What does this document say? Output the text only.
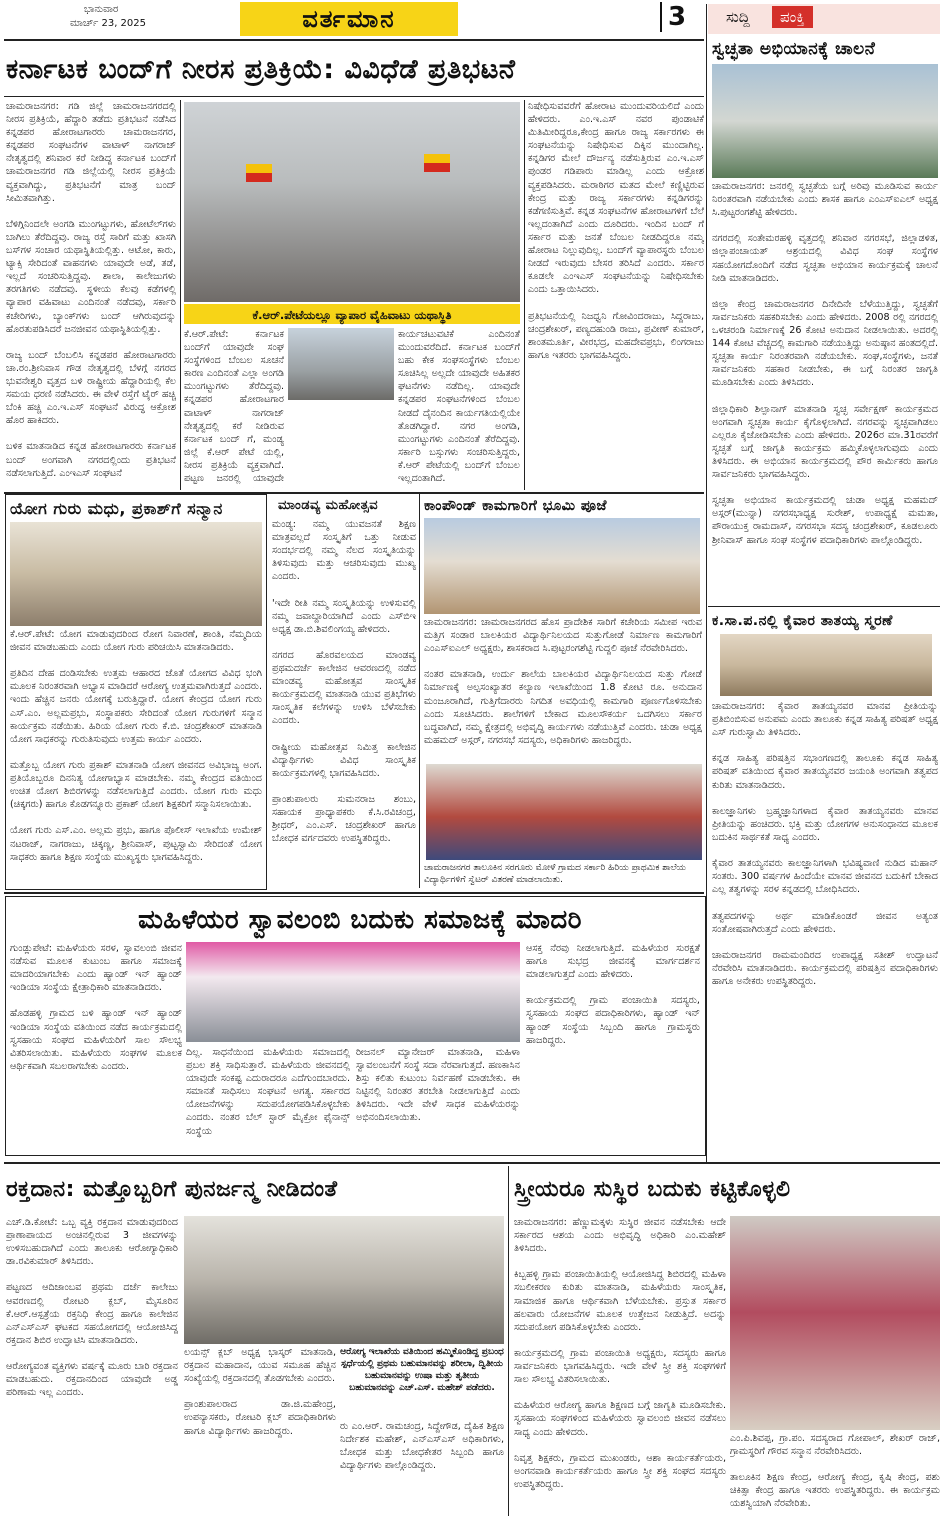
ಭಾನುವಾರ
ಮಾರ್ಚ್ 23, 2025	ವರ್ತಮಾನ	3	ಸುದ್ದಿ	ಪಂಕ್ತಿ
ಕರ್ನಾಟಕ ಬಂದ್‌ಗೆ ನೀರಸ ಪ್ರತಿಕ್ರಿಯೆ: ವಿವಿಧೆಡೆ ಪ್ರತಿಭಟನೆ
ಚಾಮರಾಜನಗರ: ಗಡಿ ಜಿಲ್ಲೆ ಚಾಮರಾಜನಗರದಲ್ಲಿ ನೀರಸ ಪ್ರತಿಕ್ರಿಯೆ, ಹೆದ್ದಾರಿ ತಡೆದು ಪ್ರತಿಭಟನೆ ನಡೆಸಿದ ಕನ್ನಡಪರ ಹೋರಾಟಗಾರರು ಚಾಮರಾಜನಗರ, ಕನ್ನಡಪರ ಸಂಘಟನೆಗಳ ವಾಟಾಳ್ ನಾಗರಾಜ್ ನೇತೃತ್ವದಲ್ಲಿ ಶನಿವಾರ ಕರೆ ನೀಡಿದ್ದ ಕರ್ನಾಟಕ ಬಂದ್‌ಗೆ ಚಾಮರಾಜನಗರ ಗಡಿ ಜಿಲ್ಲೆಯಲ್ಲಿ ನೀರಸ ಪ್ರತಿಕ್ರಿಯೆ ವ್ಯಕ್ತವಾಗಿದ್ದು, ಪ್ರತಿಭಟನೆಗೆ ಮಾತ್ರ ಬಂದ್ ಸೀಮಿತವಾಗಿತ್ತು.

ಬೆಳಿಗ್ಗಿನಿಂದಲೇ ಅಂಗಡಿ ಮುಂಗಟ್ಟುಗಳು, ಹೋಟೆಲ್‌ಗಳು ಬಾಗಿಲು ತೆರೆದಿದ್ದವು. ರಾಜ್ಯ ರಸ್ತೆ ಸಾರಿಗೆ ಮತ್ತು ಖಾಸಗಿ ಬಸ್‌ಗಳ ಸಂಚಾರ ಯಥಾಸ್ಥಿತಿಯಲ್ಲಿತ್ತು. ಆಟೋ, ಕಾರು, ಟ್ಯಾಕ್ಸಿ ಸೇರಿದಂತೆ ವಾಹನಗಳು ಯಾವುದೇ ಅಡೆ, ತಡೆ, ಇಲ್ಲದೆ ಸಂಚರಿಸುತ್ತಿದ್ದವು. ಶಾಲಾ, ಕಾಲೇಜುಗಳು ತರಗತಿಗಳು ನಡೆದವು. ಸ್ಥಳೀಯ ಕೆಲವು ಕಡೆಗಳಲ್ಲಿ ವ್ಯಾಪಾರ ವಹಿವಾಟು ಎಂದಿನಂತೆ ನಡೆದವು, ಸರ್ಕಾರಿ ಕಚೇರಿಗಳು, ಬ್ಯಾಂಕ್‌ಗಳು ಬಂದ್ ಆಗಿರುವುದನ್ನು ಹೊರತುಪಡಿಸಿದರೆ ಜನಜೀವನ ಯಥಾಸ್ಥಿತಿಯಲ್ಲಿತ್ತು.

ರಾಜ್ಯ ಬಂದ್ ಬೆಂಬಲಿಸಿ ಕನ್ನಡಪರ ಹೋರಾಟಗಾರರು ಚಾ.ರಂ.ಶ್ರೀನಿವಾಸ ಗೌಡ ನೇತೃತ್ವದಲ್ಲಿ ಬೆಳಗ್ಗೆ ನಗರದ ಭುವನೇಶ್ವರಿ ವೃತ್ತದ ಬಳಿ ರಾಷ್ಟ್ರೀಯ ಹೆದ್ದಾರಿಯಲ್ಲಿ ಕೆಲ ಸಮಯ ಧರಣಿ ನಡೆಸಿದರು. ಈ ವೇಳೆ ರಸ್ತೆಗೆ ಟೈರ್ ಹಚ್ಚಿ ಬೆಂಕಿ ಹಚ್ಚಿ ಎಂ.ಇ.ಎಸ್ ಸಂಘಟನೆ ವಿರುದ್ಧ ಆಕ್ರೋಶ ಹೊರ ಹಾಕಿದರು.

ಬಳಿಕ ಮಾತನಾಡಿದ ಕನ್ನಡ ಹೋರಾಟಗಾರರು ಕರ್ನಾಟಕ ಬಂದ್ ಅಂಗವಾಗಿ ನಗರದಲ್ಲಿಂದು ಪ್ರತಿಭಟನೆ ನಡೆಸಲಾಗುತ್ತಿದೆ. ಎಂಇಎಸ್ ಸಂಘಟನೆ
ಕೆ.ಆರ್.ಪೇಟೆಯಲ್ಲೂ ವ್ಯಾಪಾರ ವೈಹಿವಾಟು ಯಥಾಸ್ಥಿತಿ
ಕೆ.ಆರ್.ಪೇಟೆ: ಕರ್ನಾಟಕ ಬಂದ್‌ಗೆ ಯಾವುದೇ ಸಂಘ ಸಂಸ್ಥೆಗಳಿಂದ ಬೆಂಬಲ ಸೂಚನೆ ಕಾರಣ ಎಂದಿನಂತೆ ಎಲ್ಲಾ ಅಂಗಡಿ ಮುಂಗಟ್ಟುಗಳು ತೆರೆದಿದ್ದವು. ಕನ್ನಡಪರ ಹೋರಾಟಗಾರ ವಾಟಾಳ್ ನಾಗರಾಜ್ ನೇತೃತ್ವದಲ್ಲಿ ಕರೆ ನೀಡಿರುವ ಕರ್ನಾಟಕ ಬಂದ್ ಗೆ, ಮಂಡ್ಯ ಜಿಲ್ಲೆ ಕೆ.ಆರ್ ಪೇಟೆ ಯಲ್ಲಿ, ನೀರಸ ಪ್ರತಿಕ್ರಿಯೆ ವ್ಯಕ್ತವಾಗಿದೆ. ಪಟ್ಟಣ ಜನರಲ್ಲಿ ಯಾವುದೇ
ಕಾರ್ಯಚಟುವಟಿಕೆ ಎಂದಿನಂತೆ ಮುಂದುವರೆದಿದೆ. ಕರ್ನಾಟಕ ಬಂದ್‌ಗೆ ಬಹು ಕೇಕ ಸಂಘಸಂಸ್ಥೆಗಳು ಬೆಂಬಲ ಸೂಚಿಸಿಲ್ಲ ಅಲ್ಲದೇ ಯಾವುದೇ ಅಹಿತಕರ ಘಟನೆಗಳು ನಡೆದಿಲ್ಲ. ಯಾವುದೇ ಕನ್ನಡಪರ ಸಂಘಟನೆಗಳಿಂದ ಬೆಂಬಲ ನೀಡದೆ ದೈನಂದಿನ ಕಾರ್ಯಗತಿಯಲ್ಲಿಯೇ ತೊಡಗಿದ್ದಾರೆ. ನಗರ ಅಂಗಡಿ, ಮುಂಗಟ್ಟುಗಳು ಎಂದಿನಂತೆ ತೆರೆದಿದ್ದವು. ಸರ್ಕಾರಿ ಬಸ್ಸುಗಳು ಸಂಚರಿಸುತ್ತಿದ್ದರು, ಕೆ.ಆರ್ ಪೇಟೆಯಲ್ಲಿ ಬಂದ್‌ಗೆ ಬೆಂಬಲ ಇಲ್ಲದಂತಾಗಿದೆ.
ನಿಷೇಧಿಸುವವರೆಗೆ ಹೋರಾಟ ಮುಂದುವರಿಯಲಿದೆ ಎಂದು ಹೇಳಿದರು. ಎಂ.ಇ.ಎಸ್ ನವರ ಪುಂಡಾಟಿಕೆ ಮಿತಿಮೀರಿದ್ದರೂ,ಕೇಂದ್ರ ಹಾಗೂ ರಾಜ್ಯ ಸರ್ಕಾರಗಳು ಈ ಸಂಘಟನೆಯನ್ನು ನಿಷೇಧಿಸುವ ದಿಕ್ಕಿನ ಮುಂದಾಗಿಲ್ಲ. ಕನ್ನಡಿಗರ ಮೇಲೆ ದೌರ್ಜನ್ಯ ನಡೆಸುತ್ತಿರುವ ಎಂ.ಇ.ಎಸ್ ಪುಂಡರ ಗಡಿಪಾರು ಮಾಡಿಲ್ಲ ಎಂದು ಆಕ್ರೋಶ ವ್ಯಕ್ತಪಡಿಸಿದರು. ಮರಾಠಿಗರ ಮತದ ಮೇಲೆ ಕಣ್ಣಿಟ್ಟಿರುವ ಕೇಂದ್ರ ಮತ್ತು ರಾಜ್ಯ ಸರ್ಕಾರಗಳು ಕನ್ನಡಿಗರನ್ನು ಕಡೆಗಣಿಸುತ್ತಿವೆ. ಕನ್ನಡ ಸಂಘಟನೆಗಳ ಹೋರಾಟಗಳಿಗೆ ಬೆಲೆ ಇಲ್ಲದಂತಾಗಿದೆ ಎಂದು ದೂರಿದರು. ಇಂದಿನ ಬಂದ್ ಗೆ ಸರ್ಕಾರ ಮತ್ತು ಜನತೆ ಬೆಂಬಲ ನೀಡದಿದ್ದರೂ ನಮ್ಮ ಹೋರಾಟ ನಿಲ್ಲುವುದಿಲ್ಲ. ಬಂದ್‌ಗೆ ವ್ಯಾಪಾರಸ್ಥರು ಬೆಂಬಲ ನೀಡದೆ ಇರುವುದು ಬೇಸರ ತರಿಸಿದೆ ಎಂದರು. ಸರ್ಕಾರ ಕೂಡಲೇ ಎಂಇಎಸ್ ಸಂಘಟನೆಯನ್ನು ನಿಷೇಧಿಸಬೇಕು ಎಂದು ಒತ್ತಾಯಿಸಿದರು.

ಪ್ರತಿಭಟನೆಯಲ್ಲಿ ನಿಜಧ್ವನಿ ಗೋವಿಂದರಾಜು, ಸಿದ್ದರಾಜು, ಚಂದ್ರಶೇಖರ್, ಪಣ್ಯದಹುಂಡಿ ರಾಜು, ಪ್ರವೀಣ್ ಕುಮಾರ್, ಶಾಂತಮೂರ್ತಿ, ವೀರಭದ್ರ, ಮಹದೇವಪ್ರಭು, ಲಿಂಗರಾಜು ಹಾಗೂ ಇತರರು ಭಾಗವಹಿಸಿದ್ದರು.
ಸ್ವಚ್ಛತಾ ಅಭಿಯಾನಕ್ಕೆ ಚಾಲನೆ
ಚಾಮರಾಜನಗರ: ಜನರಲ್ಲಿ ಸ್ವಚ್ಛತೆಯ ಬಗ್ಗೆ ಅರಿವು ಮೂಡಿಸುವ ಕಾರ್ಯ ನಿರಂತರವಾಗಿ ನಡೆಯಬೇಕು ಎಂದು ಶಾಸಕ ಹಾಗೂ ಎಂಎಸ್‌ಐಎಲ್ ಅಧ್ಯಕ್ಷ ಸಿ.ಪುಟ್ಟರಂಗಶೆಟ್ಟಿ ಹೇಳಿದರು.

ನಗರದಲ್ಲಿ ಸಂತೇಮರಹಳ್ಳಿ ವೃತ್ತದಲ್ಲಿ ಶನಿವಾರ ನಗರಸಭೆ, ಜಿಲ್ಲಾಡಳಿತ, ಜಿಲ್ಲಾಪಂಚಾಯತ್ ಆಶ್ರಯದಲ್ಲಿ ವಿವಿಧ ಸಂಘ ಸಂಸ್ಥೆಗಳ ಸಹಯೋಗದೊಂದಿಗೆ ನಡೆದ ಸ್ವಚ್ಛತಾ ಅಭಿಯಾನ ಕಾರ್ಯಕ್ರಮಕ್ಕೆ ಚಾಲನೆ ನೀಡಿ ಮಾತನಾಡಿದರು.

ಜಿಲ್ಲಾ ಕೇಂದ್ರ ಚಾಮರಾಜನಗರ ದಿನೇದಿನೇ ಬೆಳೆಯುತ್ತಿದ್ದು, ಸ್ವಚ್ಛತೆಗೆ ಸಾರ್ವಜನಿಕರು ಸಹಕರಿಸಬೇಕು ಎಂದು ಹೇಳಿದರು. 2008 ರಲ್ಲಿ ನಗರದಲ್ಲಿ ಒಳಚರಂಡಿ ನಿರ್ಮಾಣಕ್ಕೆ 26 ಕೋಟಿ ಅನುದಾನ ನೀಡಲಾಯಿತು. ಅದರಲ್ಲಿ 144 ಕೋಟಿ ವೆಚ್ಚದಲ್ಲಿ ಕಾಮಗಾರಿ ನಡೆಯುತ್ತಿದ್ದು ಅನುಷ್ಠಾನ ಹಂತದಲ್ಲಿದೆ. ಸ್ವಚ್ಛತಾ ಕಾರ್ಯ ನಿರಂತರವಾಗಿ ನಡೆಯಬೇಕು. ಸಂಘ,ಸಂಸ್ಥೆಗಳು, ಜನತೆ ಸಾರ್ವಜನಿಕರು ಸಹಕಾರ ನೀಡಬೇಕು, ಈ ಬಗ್ಗೆ ನಿರಂತರ ಜಾಗೃತಿ ಮೂಡಿಸಬೇಕು ಎಂದು ತಿಳಿಸಿದರು.

ಜಿಲ್ಲಾಧಿಕಾರಿ ಶಿಲ್ಪಾನಾಗ್ ಮಾತನಾಡಿ ಸ್ವಚ್ಛ ಸರ್ವೇಕ್ಷಣ್ ಕಾರ್ಯಕ್ರಮದ ಅಂಗವಾಗಿ ಸ್ವಚ್ಛತಾ ಕಾರ್ಯ ಕೈಗೊಳ್ಳಲಾಗಿದೆ. ನಗರವನ್ನು ಸ್ವಚ್ಛವಾಗಿಡಲು ಎಲ್ಲರೂ ಕೈಜೋಡಿಸಬೇಕು ಎಂದು ಹೇಳಿದರು. 2026ರ ಮಾ.31ರವರೆಗೆ ಸ್ವಚ್ಛತೆ ಬಗ್ಗೆ ಜಾಗೃತಿ ಕಾರ್ಯಕ್ರಮ ಹಮ್ಮಿಕೊಳ್ಳಲಾಗುವುದು ಎಂದು ತಿಳಿಸಿದರು. ಈ ಅಭಿಯಾನ ಕಾರ್ಯಕ್ರಮದಲ್ಲಿ ಪೌರ ಕಾರ್ಮಿಕರು ಹಾಗೂ ಸಾರ್ವಜನಿಕರು ಭಾಗವಹಿಸಿದ್ದರು.

ಸ್ವಚ್ಛತಾ ಅಭಿಯಾನ ಕಾರ್ಯಕ್ರಮದಲ್ಲಿ ಚುಡಾ ಅಧ್ಯಕ್ಷ ಮಹಮದ್ ಅಸ್ಗರ್(ಮುನ್ನಾ) ನಗರಸಭಾಧ್ಯಕ್ಷ ಸುರೇಶ್, ಉಪಾಧ್ಯಕ್ಷೆ ಮಮತಾ, ಪೌರಾಯುಕ್ತ ರಾಮದಾಸ್, ನಗರಸಭಾ ಸದಸ್ಯ ಚಂದ್ರಶೇಖರ್, ಕೂಡಲೂರು ಶ್ರೀನಿವಾಸ್ ಹಾಗೂ ಸಂಘ ಸಂಸ್ಥೆಗಳ ಪದಾಧಿಕಾರಿಗಳು ಪಾಲ್ಗೊಂಡಿದ್ದರು.
ಕ.ಸಾ.ಪ.ನಲ್ಲಿ ಕೈವಾರ ತಾತಯ್ಯ ಸ್ಮರಣೆ
ಚಾಮರಾಜನಗರ: ಕೈವಾರ ತಾತಯ್ಯನವರ ಮಾನವ ಪ್ರೀತಿಯನ್ನು ಪ್ರತಿಬಿಂಬಿಸುವ ಅನುಪಮ ಎಂದು ತಾಲೂಕು ಕನ್ನಡ ಸಾಹಿತ್ಯ ಪರಿಷತ್ ಅಧ್ಯಕ್ಷ ಎಸ್ ಗುರುಸ್ವಾಮಿ ತಿಳಿಸಿದರು.

ಕನ್ನಡ ಸಾಹಿತ್ಯ ಪರಿಷತ್ತಿನ ಸಭಾಂಗಣದಲ್ಲಿ ತಾಲೂಕು ಕನ್ನಡ ಸಾಹಿತ್ಯ ಪರಿಷತ್ ವತಿಯಿಂದ ಕೈವಾರ ತಾತಯ್ಯನವರ ಜಯಂತಿ ಅಂಗವಾಗಿ ತತ್ವಪದ ಕುರಿತು ಮಾತನಾಡಿದರು.

ಕಾಲಜ್ಞಾನಿಗಳು ಬ್ರಹ್ಮಜ್ಞಾನಿಗಳಾದ ಕೈವಾರ ತಾತಯ್ಯನವರು ಮಾನವ ಪ್ರೀತಿಯನ್ನು ಹಂಚಿದರು. ಭಕ್ತಿ ಮತ್ತು ಯೋಗಗಳ ಅನುಸಂಧಾನದ ಮೂಲಕ ಬದುಕಿನ ಸಾರ್ಥಕತೆ ಸಾಧ್ಯ ಎಂದರು.

ಕೈವಾರ ತಾತಯ್ಯನವರು ಕಾಲಜ್ಞಾನಿಗಳಾಗಿ ಭವಿಷ್ಯವಾಣಿ ನುಡಿದ ಮಹಾನ್ ಸಂತರು. 300 ವರ್ಷಗಳ ಹಿಂದೆಯೇ ಮಾನವ ಜೀವನದ ಬದುಕಿಗೆ ಬೇಕಾದ ಎಲ್ಲ ತತ್ವಗಳನ್ನು ಸರಳ ಕನ್ನಡದಲ್ಲಿ ಬೋಧಿಸಿದರು.

ತತ್ವಪದಗಳನ್ನು ಅರ್ಥ ಮಾಡಿಕೊಂಡರೆ ಜೀವನ ಅತ್ಯಂತ ಸಂತೋಷವಾಗಿರುತ್ತದೆ ಎಂದು ಹೇಳಿದರು.

ಚಾಮರಾಜನಗರ ರಾಮಮಂದಿರದ ಉಪಾಧ್ಯಕ್ಷ ಸತೀಶ್ ಉದ್ಘಾಟನೆ ನೆರವೇರಿಸಿ ಮಾತನಾಡಿದರು. ಕಾರ್ಯಕ್ರಮದಲ್ಲಿ ಪರಿಷತ್ತಿನ ಪದಾಧಿಕಾರಿಗಳು ಹಾಗೂ ಅನೇಕರು ಉಪಸ್ಥಿತರಿದ್ದರು.
ಯೋಗ ಗುರು ಮಧು, ಪ್ರಕಾಶ್‌ಗೆ ಸನ್ಮಾನ
ಕೆ.ಆರ್.ಪೇಟೆ: ಯೋಗ ಮಾಡುವುದರಿಂದ ರೋಗ ನಿವಾರಣೆ, ಶಾಂತಿ, ನೆಮ್ಮದಿಯ ಜೀವನ ಮಾಡಬಹುದು ಎಂದು ಯೋಗ ಗುರು ಪರಿಚಯಿಸಿ ಮಾತನಾಡಿದರು.

ಪ್ರತಿದಿನ ದೇಹ ದಂಡಿಸಬೇಕು ಉತ್ತಮ ಆಹಾರದ ಜೊತೆ ಯೋಗದ ವಿವಿಧ ಭಂಗಿ ಮೂಲಕ ನಿರಂತರವಾಗಿ ಅಭ್ಯಾಸ ಮಾಡಿದರೆ ಆರೋಗ್ಯ ಉತ್ತಮವಾಗಿರುತ್ತದೆ ಎಂದರು. ಇಂದು ಹೆಚ್ಚಿನ ಜನರು ಯೋಗಕ್ಕೆ ಬರುತ್ತಿದ್ದಾರೆ. ಯೋಗ ಕೇಂದ್ರದ ಯೋಗ ಗುರು ಎಸ್.ಎಂ. ಅಲ್ಲಮಪ್ರಭು, ಸಂಸ್ಥಾಪಕರು ಸೇರಿದಂತೆ ಯೋಗ ಗುರುಗಳಿಗೆ ಸನ್ಮಾನ ಕಾರ್ಯಕ್ರಮ ನಡೆಯಿತು. ಹಿರಿಯ ಯೋಗ ಗುರು ಕೆ.ಬಿ. ಚಂದ್ರಶೇಖರ್ ಮಾತನಾಡಿ ಯೋಗ ಸಾಧಕರನ್ನು ಗುರುತಿಸುವುದು ಉತ್ತಮ ಕಾರ್ಯ ಎಂದರು.

ಮತ್ತೊಬ್ಬ ಯೋಗ ಗುರು ಪ್ರಕಾಶ್ ಮಾತನಾಡಿ ಯೋಗ ಜೀವನದ ಅವಿಭಾಜ್ಯ ಅಂಗ. ಪ್ರತಿಯೊಬ್ಬರೂ ದಿನನಿತ್ಯ ಯೋಗಾಭ್ಯಾಸ ಮಾಡಬೇಕು. ನಮ್ಮ ಕೇಂದ್ರದ ವತಿಯಿಂದ ಉಚಿತ ಯೋಗ ಶಿಬಿರಗಳನ್ನು ನಡೆಸಲಾಗುತ್ತಿದೆ ಎಂದರು. ಯೋಗ ಗುರು ಮಧು (ಚಿಕ್ಕಗರು) ಹಾಗೂ ಕೊಡಗನ್ನೂರು ಪ್ರಕಾಶ್ ಯೋಗ ಶಿಕ್ಷಕರಿಗೆ ಸನ್ಮಾನಿಸಲಾಯಿತು.

ಯೋಗ ಗುರು ಎಸ್.ಎಂ. ಅಲ್ಲಮ ಪ್ರಭು, ಹಾಗೂ ಪೊಲೀಸ್ ಇಲಾಖೆಯ ಉಮೇಶ್ ನಟರಾಜ್, ನಾಗರಾಜು, ಚಿಕ್ಕಣ್ಣ, ಶ್ರೀನಿವಾಸ್, ಪುಟ್ಟಸ್ವಾಮಿ ಸೇರಿದಂತೆ ಯೋಗ ಸಾಧಕರು ಹಾಗೂ ಶಿಕ್ಷಣ ಸಂಸ್ಥೆಯ ಮುಖ್ಯಸ್ಥರು ಭಾಗವಹಿಸಿದ್ದರು.
ಮಾಂಡವ್ಯ ಮಹೋತ್ಸವ
ಮಂಡ್ಯ: ನಮ್ಮ ಯುವಜನತೆ ಶಿಕ್ಷಣ ಮಾತ್ರವಲ್ಲದೆ ಸಂಸ್ಕೃತಿಗೆ ಒತ್ತು ನೀಡುವ ಸಂದರ್ಭದಲ್ಲಿ ನಮ್ಮ ನೆಲದ ಸಂಸ್ಕೃತಿಯನ್ನು ತಿಳಿಸುವುದು ಮತ್ತು ಆಚರಿಸುವುದು ಮುಖ್ಯ ಎಂದರು.

'ಇದೇ ರೀತಿ ನಮ್ಮ ಸಂಸ್ಕೃತಿಯನ್ನು ಉಳಿಸುವಲ್ಲಿ ನಮ್ಮ ಜವಾಬ್ದಾರಿಯಾಗಿದೆ ಎಂದು ಎಸ್‌ಬಿಇ ಅಧ್ಯಕ್ಷ ಡಾ.ಬಿ.ಶಿವಲಿಂಗಯ್ಯ ಹೇಳಿದರು.

ನಗರದ ಹೊರವಲಯದ ಮಾಂಡವ್ಯ ಪ್ರಥಮದರ್ಜೆ ಕಾಲೇಜಿನ ಆವರಣದಲ್ಲಿ ನಡೆದ ಮಾಂಡವ್ಯ ಮಹೋತ್ಸವ ಸಾಂಸ್ಕೃತಿಕ ಕಾರ್ಯಕ್ರಮದಲ್ಲಿ ಮಾತನಾಡಿ ಯುವ ಪ್ರತಿಭೆಗಳು ಸಾಂಸ್ಕೃತಿಕ ಕಲೆಗಳನ್ನು ಉಳಿಸಿ ಬೆಳೆಸಬೇಕು ಎಂದರು.

ರಾಷ್ಟ್ರೀಯ ಮಹೋತ್ಸವ ನಿಮಿತ್ತ ಕಾಲೇಜಿನ ವಿದ್ಯಾರ್ಥಿಗಳು ವಿವಿಧ ಸಾಂಸ್ಕೃತಿಕ ಕಾರ್ಯಕ್ರಮಗಳಲ್ಲಿ ಭಾಗವಹಿಸಿದರು.

ಪ್ರಾಂಶುಪಾಲರು ಸುಮನರಾಜ ಶಂಬು, ಸಹಾಯಕ ಪ್ರಾಧ್ಯಾಪಕರು ಕೆ.ಸಿ.ರವಿಚಂದ್ರ, ಶ್ರೀಧರ್, ಎಂ.ಎಸ್. ಚಂದ್ರಶೇಖರ್ ಹಾಗೂ ಬೋಧಕ ವರ್ಗದವರು ಉಪಸ್ಥಿತರಿದ್ದರು.
ಕಾಂಪೌಂಡ್ ಕಾಮಗಾರಿಗೆ ಭೂಮಿ ಪೂಜೆ
ಚಾಮರಾಜನಗರ: ಚಾಮರಾಜನಗರದ ಹೊಸ ಪ್ರಾದೇಶಿಕ ಸಾರಿಗೆ ಕಚೇರಿಯ ಸಮೀಪ ಇರುವ ಮತ್ತಿಗ ಸಂಡಾರ ಬಾಲಕಿಯರ ವಿದ್ಯಾರ್ಥಿನಿಲಯದ ಸುತ್ತುಗೋಡೆ ನಿರ್ಮಾಣ ಕಾಮಗಾರಿಗೆ ಎಂಎಸ್‌ಐಎಲ್ ಅಧ್ಯಕ್ಷರು, ಶಾಸಕರಾದ ಸಿ.ಪುಟ್ಟರಂಗಶೆಟ್ಟಿ ಗುದ್ದಲಿ ಪೂಜೆ ನೆರವೇರಿಸಿದರು.

ನಂತರ ಮಾತನಾಡಿ, ಉರ್ದು ಶಾಲೆಯ ಬಾಲಕಿಯರ ವಿದ್ಯಾರ್ಥಿನಿಲಯದ ಸುತ್ತು ಗೋಡೆ ನಿರ್ಮಾಣಕ್ಕೆ ಅಲ್ಪಸಂಖ್ಯಾತರ ಕಲ್ಯಾಣ ಇಲಾಖೆಯಿಂದ 1.8 ಕೋಟಿ ರೂ. ಅನುದಾನ ಮಂಜೂರಾಗಿದೆ, ಗುತ್ತಿಗೆದಾರರು ನಿಗದಿತ ಅವಧಿಯಲ್ಲಿ ಕಾಮಗಾರಿ ಪೂರ್ಣಗೊಳಿಸಬೇಕು ಎಂದು ಸೂಚಿಸಿದರು. ಶಾಲೆಗಳಿಗೆ ಬೇಕಾದ ಮೂಲಸೌಕರ್ಯ ಒದಗಿಸಲು ಸರ್ಕಾರ ಬದ್ಧವಾಗಿದೆ, ನಮ್ಮ ಕ್ಷೇತ್ರದಲ್ಲಿ ಅಭಿವೃದ್ಧಿ ಕಾರ್ಯಗಳು ನಡೆಯುತ್ತಿವೆ ಎಂದರು. ಚುಡಾ ಅಧ್ಯಕ್ಷ ಮಹಮದ್ ಅಸ್ಗರ್, ನಗರಸಭೆ ಸದಸ್ಯರು, ಅಧಿಕಾರಿಗಳು ಹಾಜರಿದ್ದರು.
ಚಾಮರಾಜನಗರ ತಾಲೂಕಿನ ಸರಗೂರು ಮೋಳೆ ಗ್ರಾಮದ ಸರ್ಕಾರಿ ಹಿರಿಯ ಪ್ರಾಥಮಿಕ ಶಾಲೆಯ ವಿದ್ಯಾರ್ಥಿಗಳಿಗೆ ಸ್ವೆಟರ್ ವಿತರಣೆ ಮಾಡಲಾಯಿತು.
ಮಹಿಳೆಯರ ಸ್ವಾವಲಂಬಿ ಬದುಕು ಸಮಾಜಕ್ಕೆ ಮಾದರಿ
ಗುಂಡ್ಲುಪೇಟೆ: ಮಹಿಳೆಯರು ಸರಳ, ಸ್ವಾವಲಂಬಿ ಜೀವನ ನಡೆಸುವ ಮೂಲಕ ಕುಟುಂಬ ಹಾಗೂ ಸಮಾಜಕ್ಕೆ ಮಾದರಿಯಾಗಬೇಕು ಎಂದು ಹ್ಯಾಂಡ್ ಇನ್ ಹ್ಯಾಂಡ್ ಇಂಡಿಯಾ ಸಂಸ್ಥೆಯ ಕ್ಷೇತ್ರಾಧಿಕಾರಿ ಮಾತನಾಡಿದರು.

ಹೊಡಹಳ್ಳಿ ಗ್ರಾಮದ ಬಳಿ ಹ್ಯಾಂಡ್ ಇನ್ ಹ್ಯಾಂಡ್ ಇಂಡಿಯಾ ಸಂಸ್ಥೆಯ ವತಿಯಿಂದ ನಡೆದ ಕಾರ್ಯಕ್ರಮದಲ್ಲಿ ಸ್ವಸಹಾಯ ಸಂಘದ ಮಹಿಳೆಯರಿಗೆ ಸಾಲ ಸೌಲಭ್ಯ ವಿತರಿಸಲಾಯಿತು. ಮಹಿಳೆಯರು ಸಂಘಗಳ ಮೂಲಕ ಆರ್ಥಿಕವಾಗಿ ಸಬಲರಾಗಬೇಕು ಎಂದರು.
ದಿಲ್ಲ. ಸಾಧನೆಯಿಂದ ಮಹಿಳೆಯರು ಸಮಾಜದಲ್ಲಿ ಪ್ರಬಲ ಶಕ್ತಿ ಸಾಧಿಸುತ್ತಾರೆ. ಮಹಿಳೆಯರು ಜೀವನದಲ್ಲಿ ಯಾವುದೇ ಸಂಕಷ್ಟ ಎದುರಾದರೂ ಎದೆಗುಂದಬಾರದು. ಸಮಾನತೆ ಸಾಧಿಸಲು ಸಂಘಟನೆ ಅಗತ್ಯ. ಸರ್ಕಾರದ ಯೋಜನೆಗಳನ್ನು ಸದುಪಯೋಗಪಡಿಸಿಕೊಳ್ಳಬೇಕು ಎಂದರು. ನಂತರ ಬೆಲ್ ಸ್ಟಾರ್ ಮೈಕ್ರೋ ಫೈನಾನ್ಸ್ ಸಂಸ್ಥೆಯ
ರೀಜನಲ್ ಮ್ಯಾನೇಜರ್ ಮಾತನಾಡಿ, ಮಹಿಳಾ ಸ್ವಾವಲಂಬನೆಗೆ ಸಂಸ್ಥೆ ಸದಾ ನೆರವಾಗುತ್ತದೆ. ಹಣಕಾಸಿನ ಶಿಸ್ತು ಕಲಿತು ಕುಟುಂಬ ನಿರ್ವಹಣೆ ಮಾಡಬೇಕು. ಈ ನಿಟ್ಟಿನಲ್ಲಿ ನಿರಂತರ ತರಬೇತಿ ನೀಡಲಾಗುತ್ತಿದೆ ಎಂದು ತಿಳಿಸಿದರು. ಇದೇ ವೇಳೆ ಸಾಧಕ ಮಹಿಳೆಯರನ್ನು ಅಭಿನಂದಿಸಲಾಯಿತು.
ಆಸಕ್ತ ನೆರವು ನೀಡಲಾಗುತ್ತಿದೆ. ಮಹಿಳೆಯರ ಸುರಕ್ಷತೆ ಹಾಗೂ ಸುಭದ್ರ ಜೀವನಕ್ಕೆ ಮಾರ್ಗದರ್ಶನ ಮಾಡಲಾಗುತ್ತದೆ ಎಂದು ಹೇಳಿದರು.

ಕಾರ್ಯಕ್ರಮದಲ್ಲಿ ಗ್ರಾಮ ಪಂಚಾಯಿತಿ ಸದಸ್ಯರು, ಸ್ವಸಹಾಯ ಸಂಘದ ಪದಾಧಿಕಾರಿಗಳು, ಹ್ಯಾಂಡ್ ಇನ್ ಹ್ಯಾಂಡ್ ಸಂಸ್ಥೆಯ ಸಿಬ್ಬಂದಿ ಹಾಗೂ ಗ್ರಾಮಸ್ಥರು ಹಾಜರಿದ್ದರು.
ರಕ್ತದಾನ: ಮತ್ತೊಬ್ಬರಿಗೆ ಪುನರ್ಜನ್ಮ ನೀಡಿದಂತೆ
ಎಚ್.ಡಿ.ಕೋಟೆ: ಒಬ್ಬ ವ್ಯಕ್ತಿ ರಕ್ತದಾನ ಮಾಡುವುದರಿಂದ ಪ್ರಾಣಾಪಾಯದ ಅಂಚಿನಲ್ಲಿರುವ 3 ಜೀವಗಳನ್ನು ಉಳಿಸಬಹುದಾಗಿದೆ ಎಂದು ತಾಲೂಕು ಆರೋಗ್ಯಾಧಿಕಾರಿ ಡಾ.ರವಿಕುಮಾರ್ ತಿಳಿಸಿದರು.

ಪಟ್ಟಣದ ಆದಿಜಾಂಬವ ಪ್ರಥಮ ದರ್ಜೆ ಕಾಲೇಜು ಆವರಣದಲ್ಲಿ ರೋಟರಿ ಕ್ಲಬ್, ಮೈಸೂರಿನ ಕೆ.ಆರ್.ಆಸ್ಪತ್ರೆಯ ರಕ್ತನಿಧಿ ಕೇಂದ್ರ ಹಾಗೂ ಕಾಲೇಜಿನ ಎನ್‌ಎಸ್‌ಎಸ್ ಘಟಕದ ಸಹಯೋಗದಲ್ಲಿ ಆಯೋಜಿಸಿದ್ದ ರಕ್ತದಾನ ಶಿಬಿರ ಉದ್ಘಾಟಿಸಿ ಮಾತನಾಡಿದರು.

ಆರೋಗ್ಯವಂತ ವ್ಯಕ್ತಿಗಳು ವರ್ಷಕ್ಕೆ ಮೂರು ಬಾರಿ ರಕ್ತದಾನ ಮಾಡಬಹುದು. ರಕ್ತದಾನದಿಂದ ಯಾವುದೇ ಅಡ್ಡ ಪರಿಣಾಮ ಇಲ್ಲ ಎಂದರು.
ಲಯನ್ಸ್ ಕ್ಲಬ್ ಅಧ್ಯಕ್ಷ ಭಾಸ್ಕರ್ ಮಾತನಾಡಿ, ರಕ್ತದಾನ ಮಹಾದಾನ, ಯುವ ಸಮೂಹ ಹೆಚ್ಚಿನ ಸಂಖ್ಯೆಯಲ್ಲಿ ರಕ್ತದಾನದಲ್ಲಿ ತೊಡಗಬೇಕು ಎಂದರು.

ಪ್ರಾಂಶುಪಾಲರಾದ ಡಾ.ಜಿ.ಮಹೇಂದ್ರ, ಉಪನ್ಯಾಸಕರು, ರೋಟರಿ ಕ್ಲಬ್ ಪದಾಧಿಕಾರಿಗಳು ಹಾಗೂ ವಿದ್ಯಾರ್ಥಿಗಳು ಹಾಜರಿದ್ದರು.
ಆರೋಗ್ಯ ಇಲಾಖೆಯ ವತಿಯಿಂದ ಹಮ್ಮಿಕೊಂಡಿದ್ದ ಪ್ರಬಂಧ ಸ್ಪರ್ಧೆಯಲ್ಲಿ ಪ್ರಥಮ ಬಹುಮಾನವನ್ನು ಶರೀಲಾ, ದ್ವಿತೀಯ ಬಹುಮಾನವನ್ನು ಉಷಾ ಮತ್ತು ತೃತೀಯ ಬಹುಮಾನವನ್ನು ಎಚ್.ಎಸ್. ಮಹೇಶ್ ಪಡೆದರು.
ರು ಎಂ.ಆರ್. ರಾಮಚಂದ್ರ, ಸಿದ್ದೇಗೌಡ, ದೈಹಿಕ ಶಿಕ್ಷಣ ನಿರ್ದೇಶಕ ಮಹೇಶ್, ಎನ್‌ಎಸ್‌ಎಸ್ ಅಧಿಕಾರಿಗಳು, ಬೋಧಕ ಮತ್ತು ಬೋಧಕೇತರ ಸಿಬ್ಬಂದಿ ಹಾಗೂ ವಿದ್ಯಾರ್ಥಿಗಳು ಪಾಲ್ಗೊಂಡಿದ್ದರು.
ಸ್ತ್ರೀಯರೂ ಸುಸ್ಥಿರ ಬದುಕು ಕಟ್ಟಿಕೊಳ್ಳಲಿ
ಚಾಮರಾಜನಗರ: ಹೆಣ್ಣುಮಕ್ಕಳು ಸುಸ್ಥಿರ ಜೀವನ ನಡೆಸಬೇಕು ಆದೇ ಸರ್ಕಾರದ ಆಶಯ ಎಂದು ಅಭಿವೃದ್ಧಿ ಅಧಿಕಾರಿ ಎಂ.ಮಹೇಶ್ ತಿಳಿಸಿದರು.

ಕಿಬ್ಬಹಳ್ಳಿ ಗ್ರಾಮ ಪಂಚಾಯಿತಿಯಲ್ಲಿ ಆಯೋಜಿಸಿದ್ದ ಶಿಬಿರದಲ್ಲಿ ಮಹಿಳಾ ಸಬಲೀಕರಣ ಕುರಿತು ಮಾತನಾಡಿ, ಮಹಿಳೆಯರು ಸಾಂಸ್ಕೃತಿಕ, ಸಾಮಾಜಿಕ ಹಾಗೂ ಆರ್ಥಿಕವಾಗಿ ಬೆಳೆಯಬೇಕು. ಪ್ರಸ್ತುತ ಸರ್ಕಾರ ಹಲವಾರು ಯೋಜನೆಗಳ ಮೂಲಕ ಉತ್ತೇಜನ ನೀಡುತ್ತಿದೆ. ಅದನ್ನು ಸದುಪಯೋಗ ಪಡಿಸಿಕೊಳ್ಳಬೇಕು ಎಂದರು.

ಕಾರ್ಯಕ್ರಮದಲ್ಲಿ ಗ್ರಾಮ ಪಂಚಾಯಿತಿ ಅಧ್ಯಕ್ಷರು, ಸದಸ್ಯರು ಹಾಗೂ ಸಾರ್ವಜನಿಕರು ಭಾಗವಹಿಸಿದ್ದರು. ಇದೇ ವೇಳೆ ಸ್ತ್ರೀ ಶಕ್ತಿ ಸಂಘಗಳಿಗೆ ಸಾಲ ಸೌಲಭ್ಯ ವಿತರಿಸಲಾಯಿತು.

ಮಹಿಳೆಯರ ಆರೋಗ್ಯ ಹಾಗೂ ಶಿಕ್ಷಣದ ಬಗ್ಗೆ ಜಾಗೃತಿ ಮೂಡಿಸಬೇಕು. ಸ್ವಸಹಾಯ ಸಂಘಗಳಿಂದ ಮಹಿಳೆಯರು ಸ್ವಾವಲಂಬಿ ಜೀವನ ನಡೆಸಲು ಸಾಧ್ಯ ಎಂದು ಹೇಳಿದರು.

ನಿವೃತ್ತ ಶಿಕ್ಷಕರು, ಗ್ರಾಮದ ಮುಖಂಡರು, ಆಶಾ ಕಾರ್ಯಕರ್ತೆಯರು, ಅಂಗನವಾಡಿ ಕಾರ್ಯಕರ್ತೆಯರು ಹಾಗೂ ಸ್ತ್ರೀ ಶಕ್ತಿ ಸಂಘದ ಸದಸ್ಯರು ಉಪಸ್ಥಿತರಿದ್ದರು.
ಎಂ.ಪಿ.ಶಿವಪ್ಪ, ಗ್ರಾ.ಪಂ. ಸದಸ್ಯರಾದ ಗೋಪಾಲ್, ಶೇಖರ್ ರಾಜ್, ಗ್ರಾಮಸ್ಥರಿಗೆ ಗೌರವ ಸನ್ಮಾನ ನೆರವೇರಿಸಿದರು.

ತಾಲೂಕಿನ ಶಿಕ್ಷಣ ಕೇಂದ್ರ, ಆರೋಗ್ಯ ಕೇಂದ್ರ, ಕೃಷಿ ಕೇಂದ್ರ, ಪಶು ಚಿಕಿತ್ಸಾ ಕೇಂದ್ರ ಹಾಗೂ ಇತರರು ಉಪಸ್ಥಿತರಿದ್ದರು. ಈ ಕಾರ್ಯಕ್ರಮ ಯಶಸ್ವಿಯಾಗಿ ನೆರವೇರಿತು.
